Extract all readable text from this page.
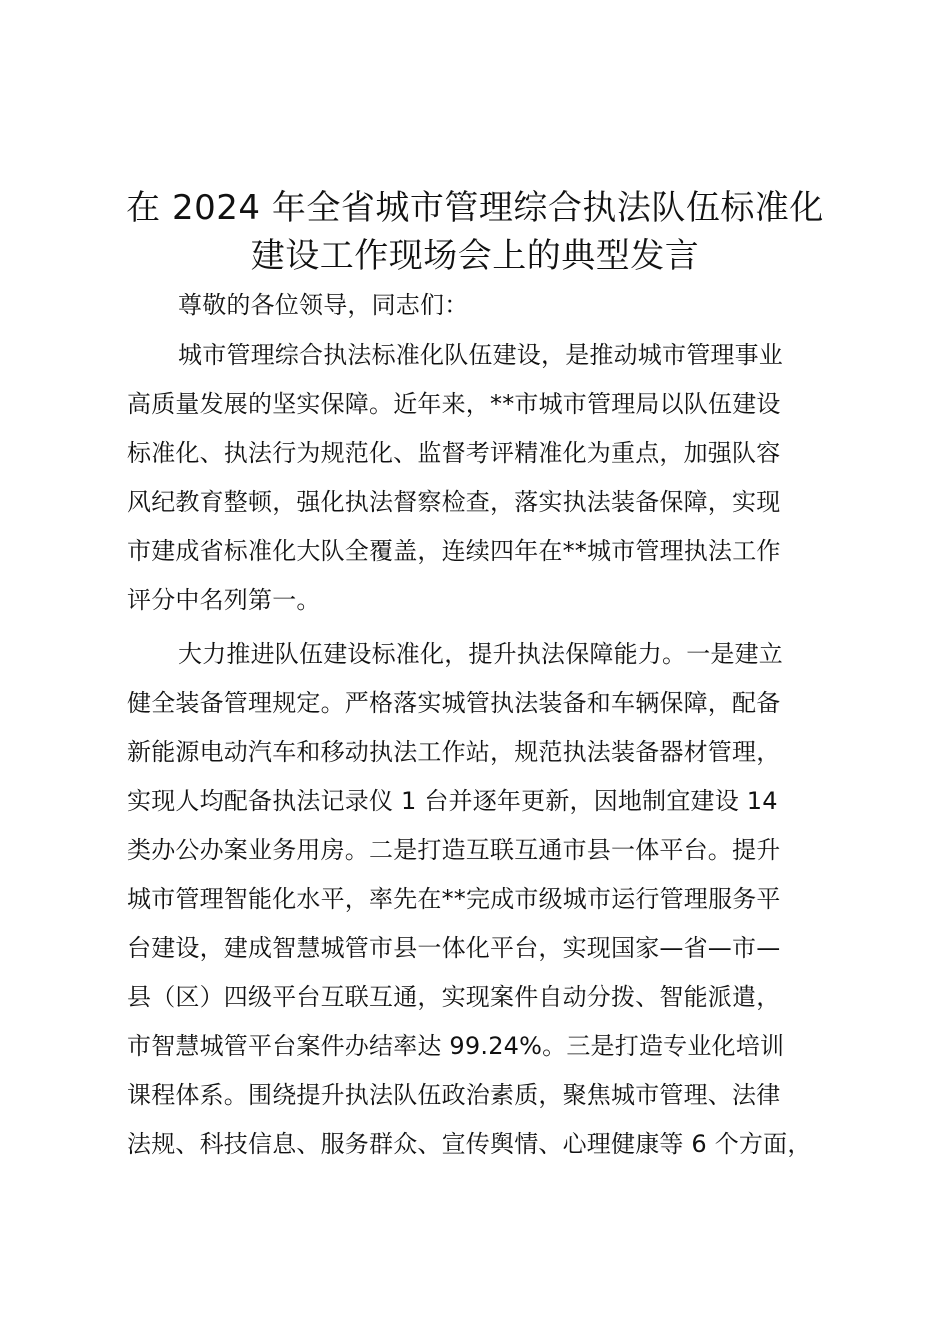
在 2024 年全省城市管理综合执法队伍标准化
建设工作现场会上的典型发言

尊敬的各位领导，同志们：

城市管理综合执法标准化队伍建设，是推动城市管理事业

高质量发展的坚实保障。近年来，**市城市管理局以队伍建设

标准化、执法行为规范化、监督考评精准化为重点，加强队容

风纪教育整顿，强化执法督察检查，落实执法装备保障，实现

市建成省标准化大队全覆盖，连续四年在**城市管理执法工作

评分中名列第一。

大力推进队伍建设标准化，提升执法保障能力。一是建立

健全装备管理规定。严格落实城管执法装备和车辆保障，配备

新能源电动汽车和移动执法工作站，规范执法装备器材管理，

实现人均配备执法记录仪 1 台并逐年更新，因地制宜建设 14

类办公办案业务用房。二是打造互联互通市县一体平台。提升

城市管理智能化水平，率先在**完成市级城市运行管理服务平

台建设，建成智慧城管市县一体化平台，实现国家—省—市—

县（区）四级平台互联互通，实现案件自动分拨、智能派遣，

市智慧城管平台案件办结率达 99.24%。三是打造专业化培训

课程体系。围绕提升执法队伍政治素质，聚焦城市管理、法律

法规、科技信息、服务群众、宣传舆情、心理健康等 6 个方面，
